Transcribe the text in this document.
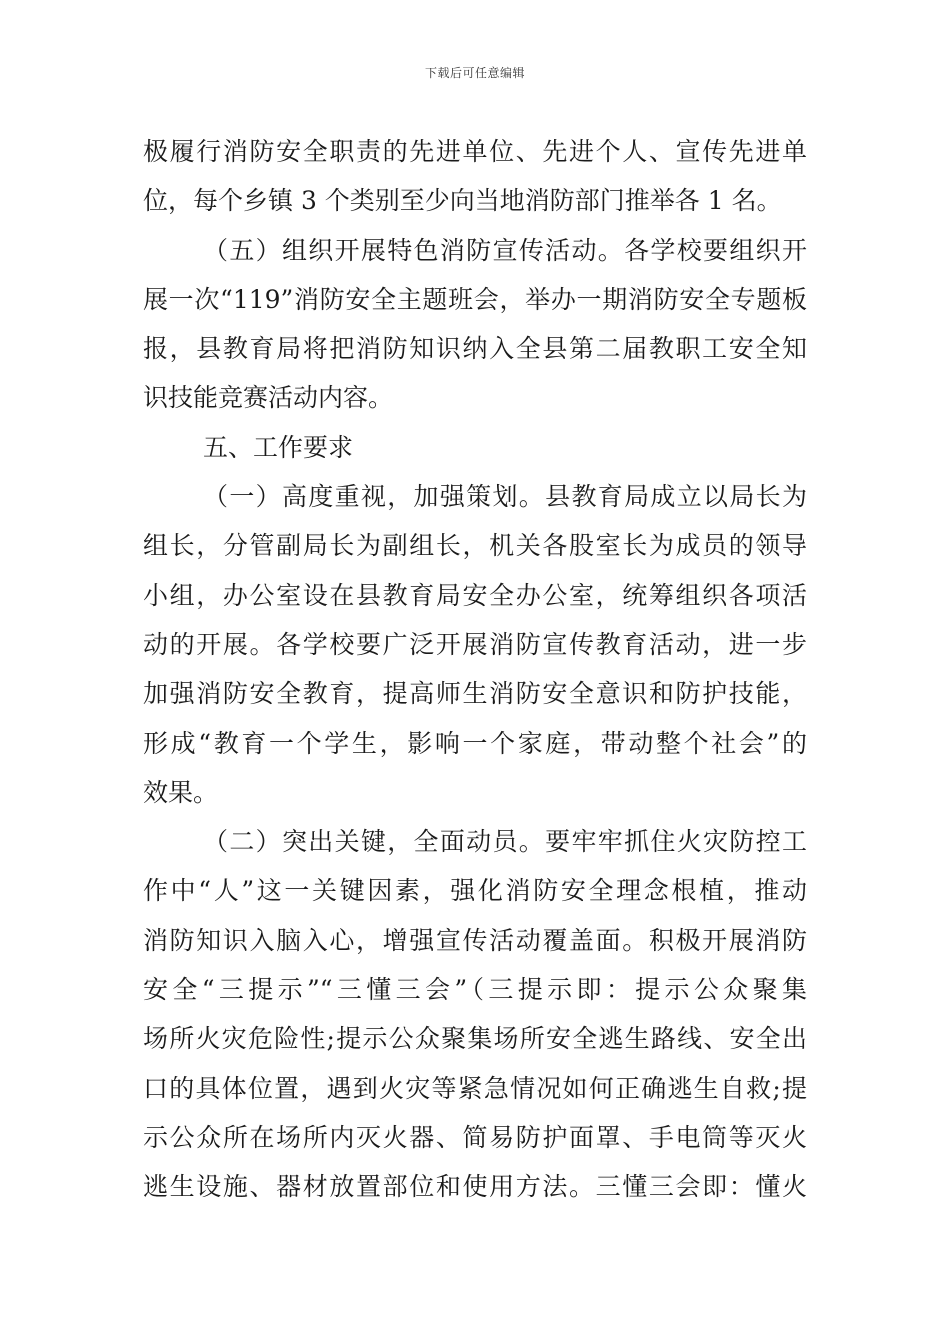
下载后可任意编辑
极履行消防安全职责的先进单位、先进个人、宣传先进单
位，每个乡镇 3 个类别至少向当地消防部门推举各 1 名。
（五）组织开展特色消防宣传活动。各学校要组织开
展一次“119”消防安全主题班会，举办一期消防安全专题板
报，县教育局将把消防知识纳入全县第二届教职工安全知
识技能竞赛活动内容。
五、工作要求
（一）高度重视，加强策划。县教育局成立以局长为
组长，分管副局长为副组长，机关各股室长为成员的领导
小组，办公室设在县教育局安全办公室，统筹组织各项活
动的开展。各学校要广泛开展消防宣传教育活动，进一步
加强消防安全教育，提高师生消防安全意识和防护技能，
形成“教育一个学生，影响一个家庭，带动整个社会”的
效果。
（二）突出关键，全面动员。要牢牢抓住火灾防控工
作中“人”这一关键因素，强化消防安全理念根植，推动
消防知识入脑入心，增强宣传活动覆盖面。积极开展消防
安全“三提示”“三懂三会”（三提示即：提示公众聚集
场所火灾危险性;提示公众聚集场所安全逃生路线、安全出
口的具体位置，遇到火灾等紧急情况如何正确逃生自救;提
示公众所在场所内灭火器、简易防护面罩、手电筒等灭火
逃生设施、器材放置部位和使用方法。三懂三会即：懂火
